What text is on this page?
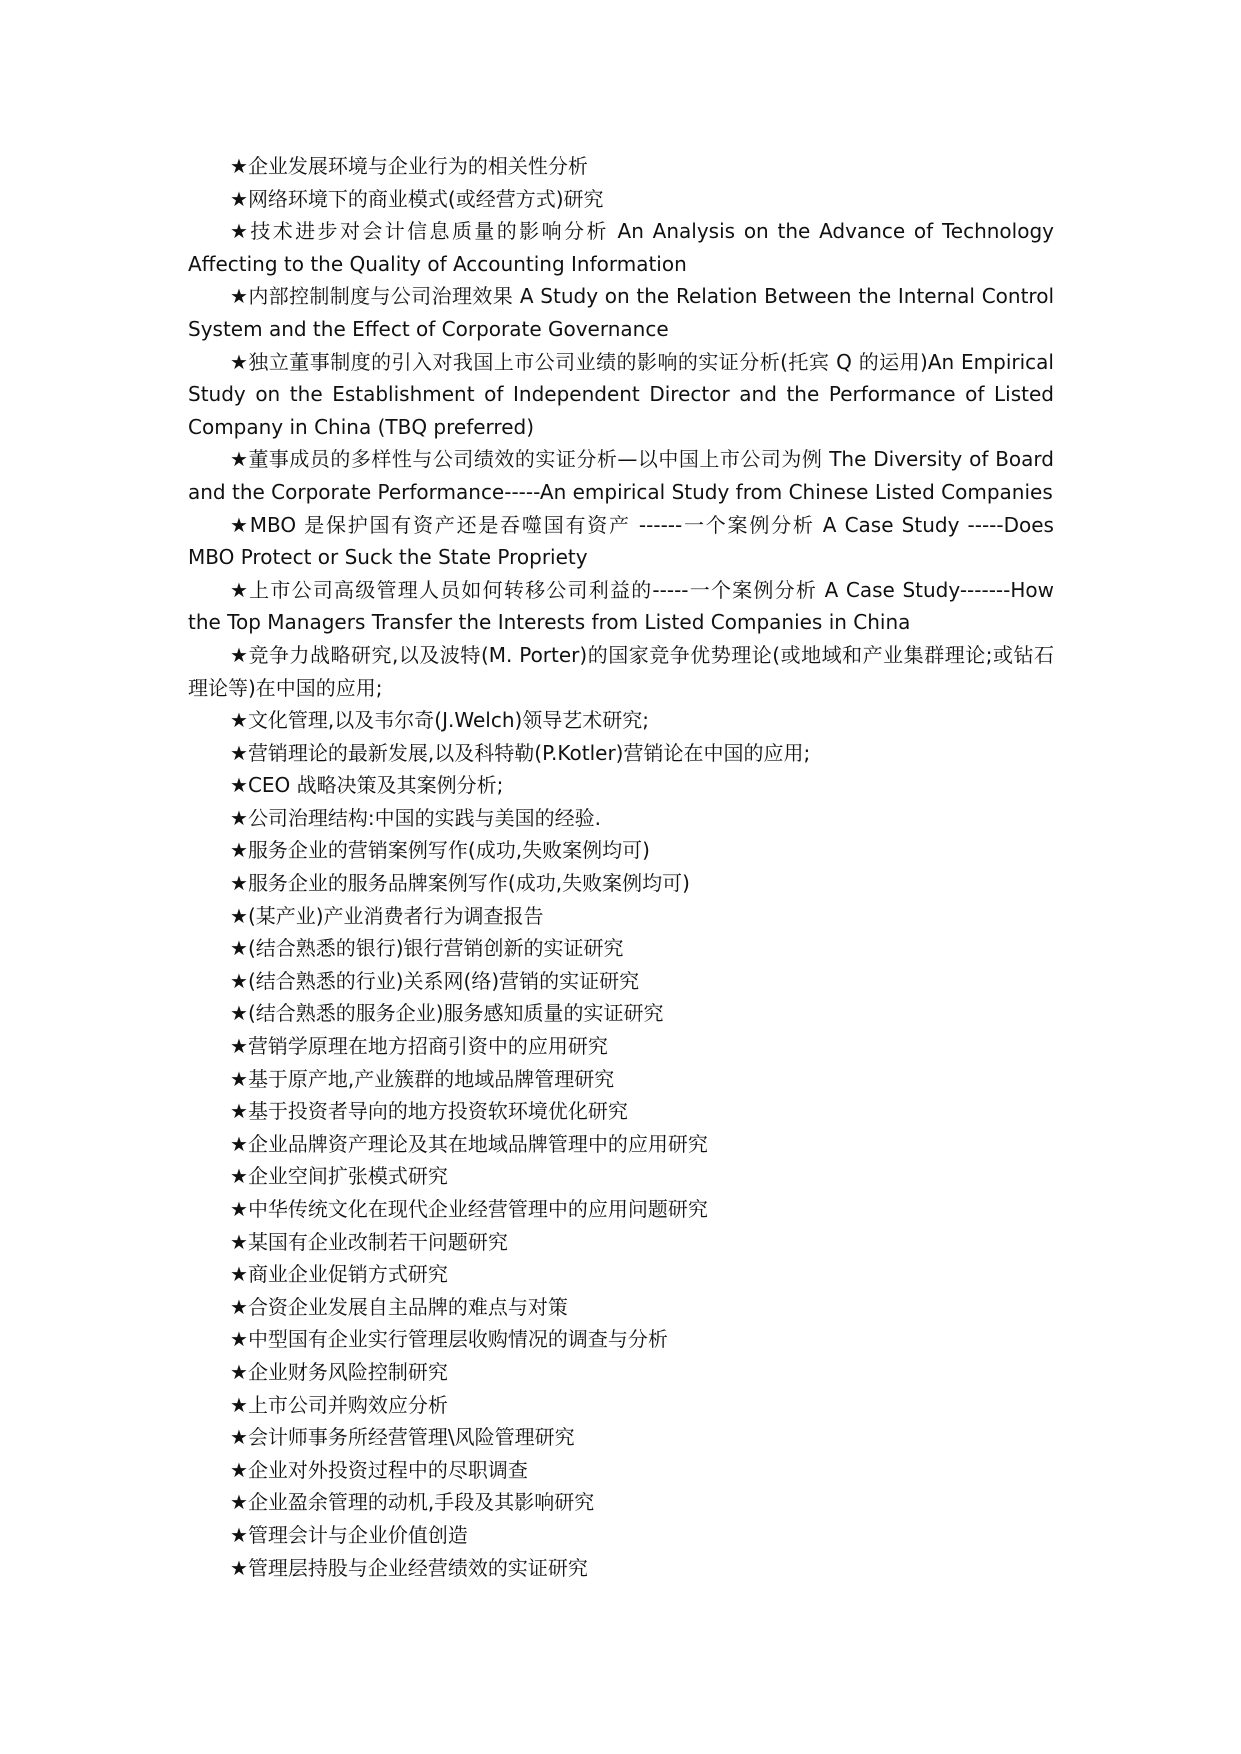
★企业发展环境与企业行为的相关性分析

★网络环境下的商业模式(或经营方式)研究

★技术进步对会计信息质量的影响分析 An Analysis on the Advance of Technology Affecting to the Quality of Accounting Information

★内部控制制度与公司治理效果 A Study on the Relation Between the Internal Control System and the Effect of Corporate Governance

★独立董事制度的引入对我国上市公司业绩的影响的实证分析(托宾 Q 的运用)An Empirical Study on the Establishment of Independent Director and the Performance of Listed Company in China (TBQ preferred)

★董事成员的多样性与公司绩效的实证分析—以中国上市公司为例 The Diversity of Board and the Corporate Performance-----An empirical Study from Chinese Listed Companies

★MBO 是保护国有资产还是吞噬国有资产 ------一个案例分析 A Case Study -----Does MBO Protect or Suck the State Propriety

★上市公司高级管理人员如何转移公司利益的-----一个案例分析 A Case Study-------How the Top Managers Transfer the Interests from Listed Companies in China

★竞争力战略研究,以及波特(M. Porter)的国家竞争优势理论(或地域和产业集群理论;或钻石理论等)在中国的应用;

★文化管理,以及韦尔奇(J.Welch)领导艺术研究;

★营销理论的最新发展,以及科特勒(P.Kotler)营销论在中国的应用;

★CEO 战略决策及其案例分析;

★公司治理结构:中国的实践与美国的经验.

★服务企业的营销案例写作(成功,失败案例均可)

★服务企业的服务品牌案例写作(成功,失败案例均可)

★(某产业)产业消费者行为调查报告

★(结合熟悉的银行)银行营销创新的实证研究

★(结合熟悉的行业)关系网(络)营销的实证研究

★(结合熟悉的服务企业)服务感知质量的实证研究

★营销学原理在地方招商引资中的应用研究

★基于原产地,产业簇群的地域品牌管理研究

★基于投资者导向的地方投资软环境优化研究

★企业品牌资产理论及其在地域品牌管理中的应用研究

★企业空间扩张模式研究

★中华传统文化在现代企业经营管理中的应用问题研究

★某国有企业改制若干问题研究

★商业企业促销方式研究

★合资企业发展自主品牌的难点与对策

★中型国有企业实行管理层收购情况的调查与分析

★企业财务风险控制研究

★上市公司并购效应分析

★会计师事务所经营管理\风险管理研究

★企业对外投资过程中的尽职调查

★企业盈余管理的动机,手段及其影响研究

★管理会计与企业价值创造

★管理层持股与企业经营绩效的实证研究
